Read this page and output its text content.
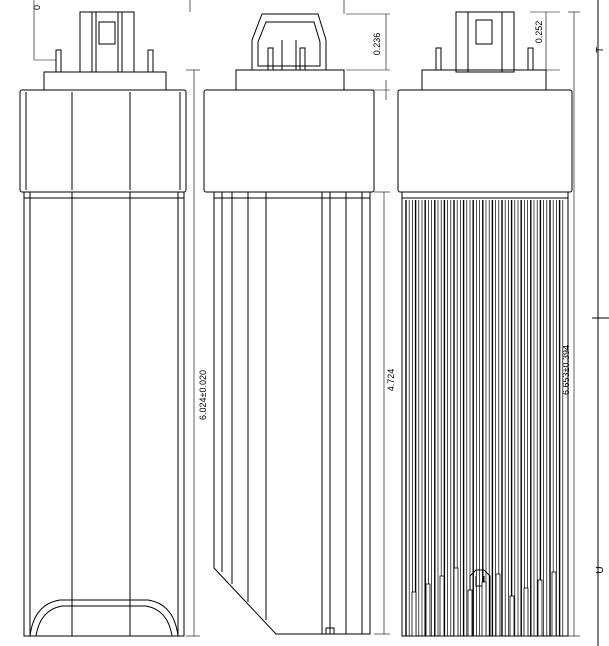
0
6.024±0.020
0.236
4.724
0.252
6.653±0.394
T
U
